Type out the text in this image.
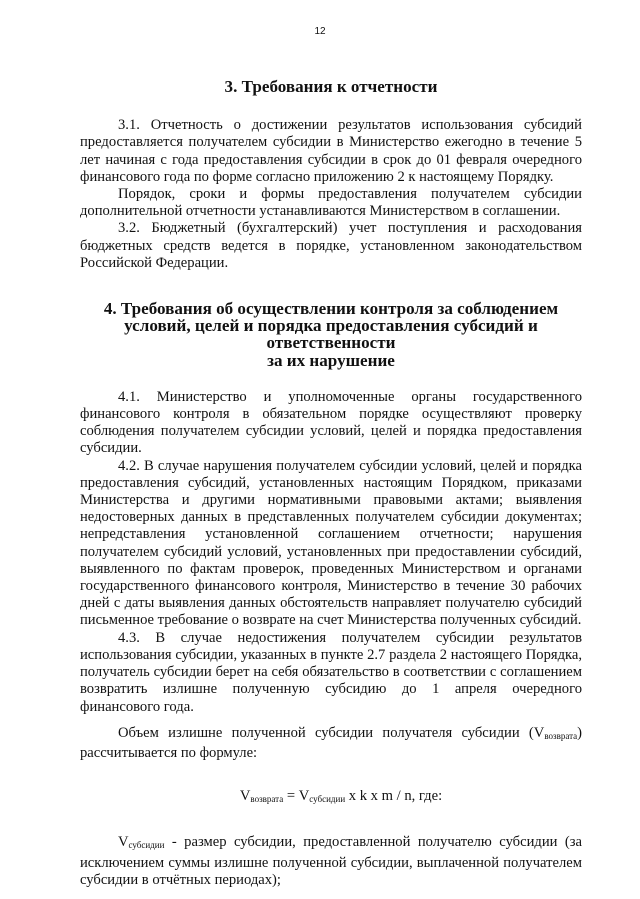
12
3. Требования к отчетности

3.1. Отчетность о достижении результатов использования субсидий предоставляется получателем субсидии в Министерство ежегодно в течение 5 лет начиная с года предоставления субсидии в срок до 01 февраля очередного финансового года по форме согласно приложению 2 к настоящему Порядку.

Порядок, сроки и формы предоставления получателем субсидии дополнительной отчетности устанавливаются Министерством в соглашении.

3.2. Бюджетный (бухгалтерский) учет поступления и расходования бюджетных средств ведется в порядке, установленном законодательством Российской Федерации.

4. Требования об осуществлении контроля за соблюдением
условий, целей и порядка предоставления субсидий и ответственности
за их нарушение

4.1. Министерство и уполномоченные органы государственного финансового контроля в обязательном порядке осуществляют проверку соблюдения получателем субсидии условий, целей и порядка предоставления субсидии.

4.2. В случае нарушения получателем субсидии условий, целей и порядка предоставления субсидий, установленных настоящим Порядком, приказами Министерства и другими нормативными правовыми актами; выявления недостоверных данных в представленных получателем субсидии документах; непредставления установленной соглашением отчетности; нарушения получателем субсидий условий, установленных при предоставлении субсидий, выявленного по фактам проверок, проведенных Министерством и органами государственного финансового контроля, Министерство в течение 30 рабочих дней с даты выявления данных обстоятельств направляет получателю субсидий письменное требование о возврате на счет Министерства полученных субсидий.

4.3. В случае недостижения получателем субсидии результатов использования субсидии, указанных в пункте 2.7 раздела 2 настоящего Порядка, получатель субсидии берет на себя обязательство в соответствии с соглашением возвратить излишне полученную субсидию до 1 апреля очередного финансового года.

Объем излишне полученной субсидии получателя субсидии $(V_{возврата})$ рассчитывается по формуле:

$V_{возврата} = V_{субсидии}$ x k x m / n, где:

$V_{субсидии}$ - размер субсидии, предоставленной получателю субсидии (за исключением суммы излишне полученной субсидии, выплаченной получателем субсидии в отчётных периодах);
